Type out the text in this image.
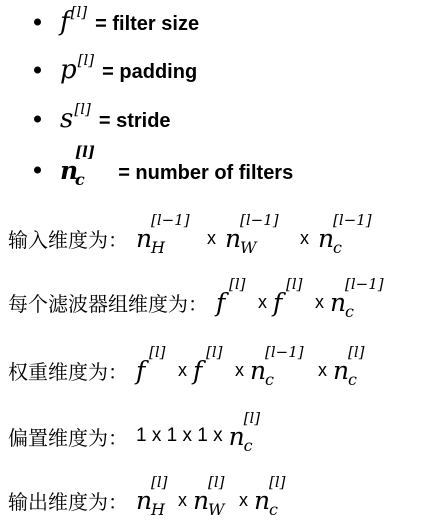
f[l]= filter size
p[l]= padding
s[l]= stride
n
[l]
c = number of filters
输入维度为： n
[l−1]
H x n
[l−1]
W x n
[l−1]
c
每个滤波器组维度为： f
[l]
x f
[l]
x n
[l−1]
c
权重维度为： f
[l]
x f
[l]
x n
[l−1]
c x n
[l]
c
偏置维度为： 1 x 1 x 1 x n
[l]
c
输出维度为： n
[l]
H x n
[l]
W x n
[l]
c
